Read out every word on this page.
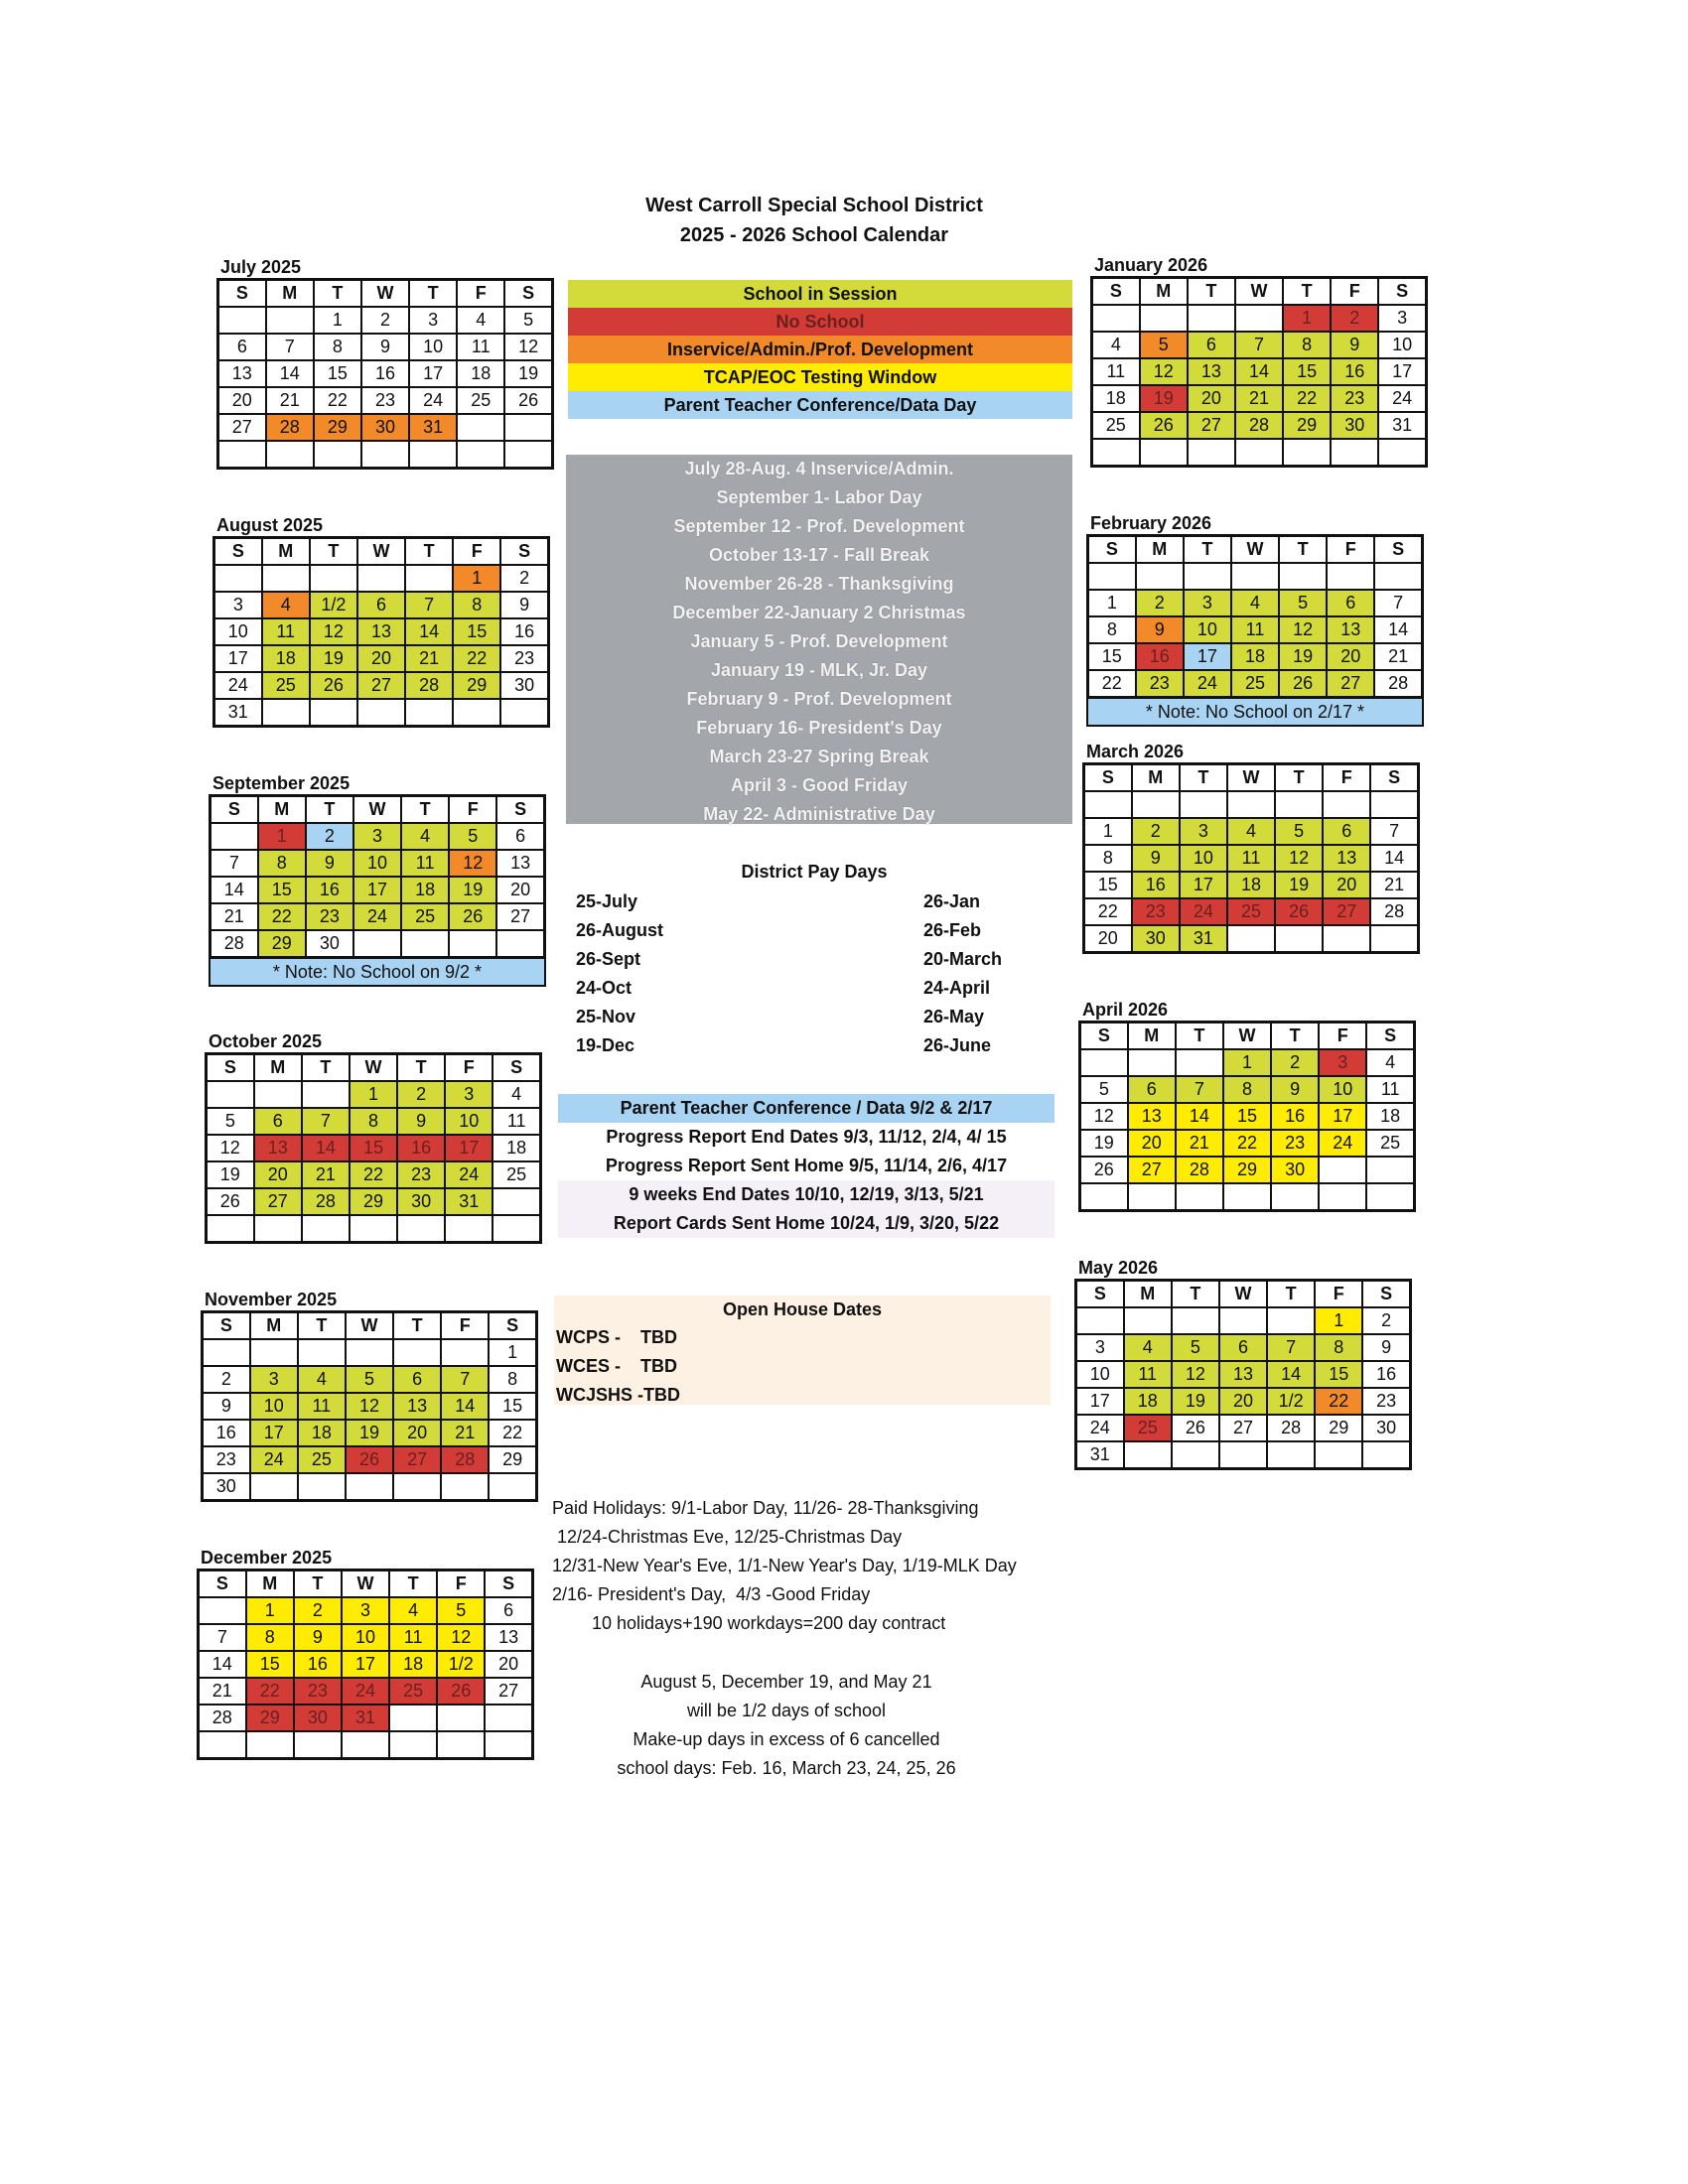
West Carroll Special School District
2025 - 2026 School Calendar
July 2025
S	M	T	W	T	F	S
		1	2	3	4	5
6	7	8	9	10	11	12
13	14	15	16	17	18	19
20	21	22	23	24	25	26
27	28	29	30	31		

August 2025
S	M	T	W	T	F	S
					1	2
3	4	1/2	6	7	8	9
10	11	12	13	14	15	16
17	18	19	20	21	22	23
24	25	26	27	28	29	30
31						
September 2025
S	M	T	W	T	F	S
	1	2	3	4	5	6
7	8	9	10	11	12	13
14	15	16	17	18	19	20
21	22	23	24	25	26	27
28	29	30				
* Note: No School on 9/2 *
October 2025
S	M	T	W	T	F	S
			1	2	3	4
5	6	7	8	9	10	11
12	13	14	15	16	17	18
19	20	21	22	23	24	25
26	27	28	29	30	31	

November 2025
S	M	T	W	T	F	S
						1
2	3	4	5	6	7	8
9	10	11	12	13	14	15
16	17	18	19	20	21	22
23	24	25	26	27	28	29
30						
December 2025
S	M	T	W	T	F	S
	1	2	3	4	5	6
7	8	9	10	11	12	13
14	15	16	17	18	1/2	20
21	22	23	24	25	26	27
28	29	30	31			

January 2026
S	M	T	W	T	F	S
				1	2	3
4	5	6	7	8	9	10
11	12	13	14	15	16	17
18	19	20	21	22	23	24
25	26	27	28	29	30	31

February 2026
S	M	T	W	T	F	S

1	2	3	4	5	6	7
8	9	10	11	12	13	14
15	16	17	18	19	20	21
22	23	24	25	26	27	28
* Note: No School on 2/17 *
March 2026
S	M	T	W	T	F	S

1	2	3	4	5	6	7
8	9	10	11	12	13	14
15	16	17	18	19	20	21
22	23	24	25	26	27	28
20	30	31				
April 2026
S	M	T	W	T	F	S
			1	2	3	4
5	6	7	8	9	10	11
12	13	14	15	16	17	18
19	20	21	22	23	24	25
26	27	28	29	30		

May 2026
S	M	T	W	T	F	S
					1	2
3	4	5	6	7	8	9
10	11	12	13	14	15	16
17	18	19	20	1/2	22	23
24	25	26	27	28	29	30
31						
School in Session
No School
Inservice/Admin./Prof. Development
TCAP/EOC Testing Window
Parent Teacher Conference/Data Day
July 28-Aug. 4 Inservice/Admin.
September 1- Labor Day
September 12 - Prof. Development
October 13-17 - Fall Break
November 26-28 - Thanksgiving
December 22-January 2 Christmas
January 5 - Prof. Development
January 19 - MLK, Jr. Day
February 9 - Prof. Development
February 16- President's Day
March 23-27 Spring Break
April 3 - Good Friday
May 22- Administrative Day
District Pay Days
25-July	26-Jan
26-August	26-Feb
26-Sept	20-March
24-Oct	24-April
25-Nov	26-May
19-Dec	26-June
Parent Teacher Conference / Data 9/2 & 2/17
Progress Report End Dates 9/3, 11/12, 2/4, 4/ 15
Progress Report Sent Home 9/5, 11/14, 2/6, 4/17
9 weeks End Dates 10/10, 12/19, 3/13, 5/21
Report Cards Sent Home 10/24, 1/9, 3/20, 5/22
Open House Dates
WCPS -    TBD
WCES -    TBD
WCJSHS -TBD
Paid Holidays: 9/1-Labor Day, 11/26- 28-Thanksgiving
12/24-Christmas Eve, 12/25-Christmas Day
12/31-New Year's Eve, 1/1-New Year's Day, 1/19-MLK Day
2/16- President's Day,  4/3 -Good Friday
10 holidays+190 workdays=200 day contract
August 5, December 19, and May 21
will be 1/2 days of school
Make-up days in excess of 6 cancelled
school days: Feb. 16, March 23, 24, 25, 26
